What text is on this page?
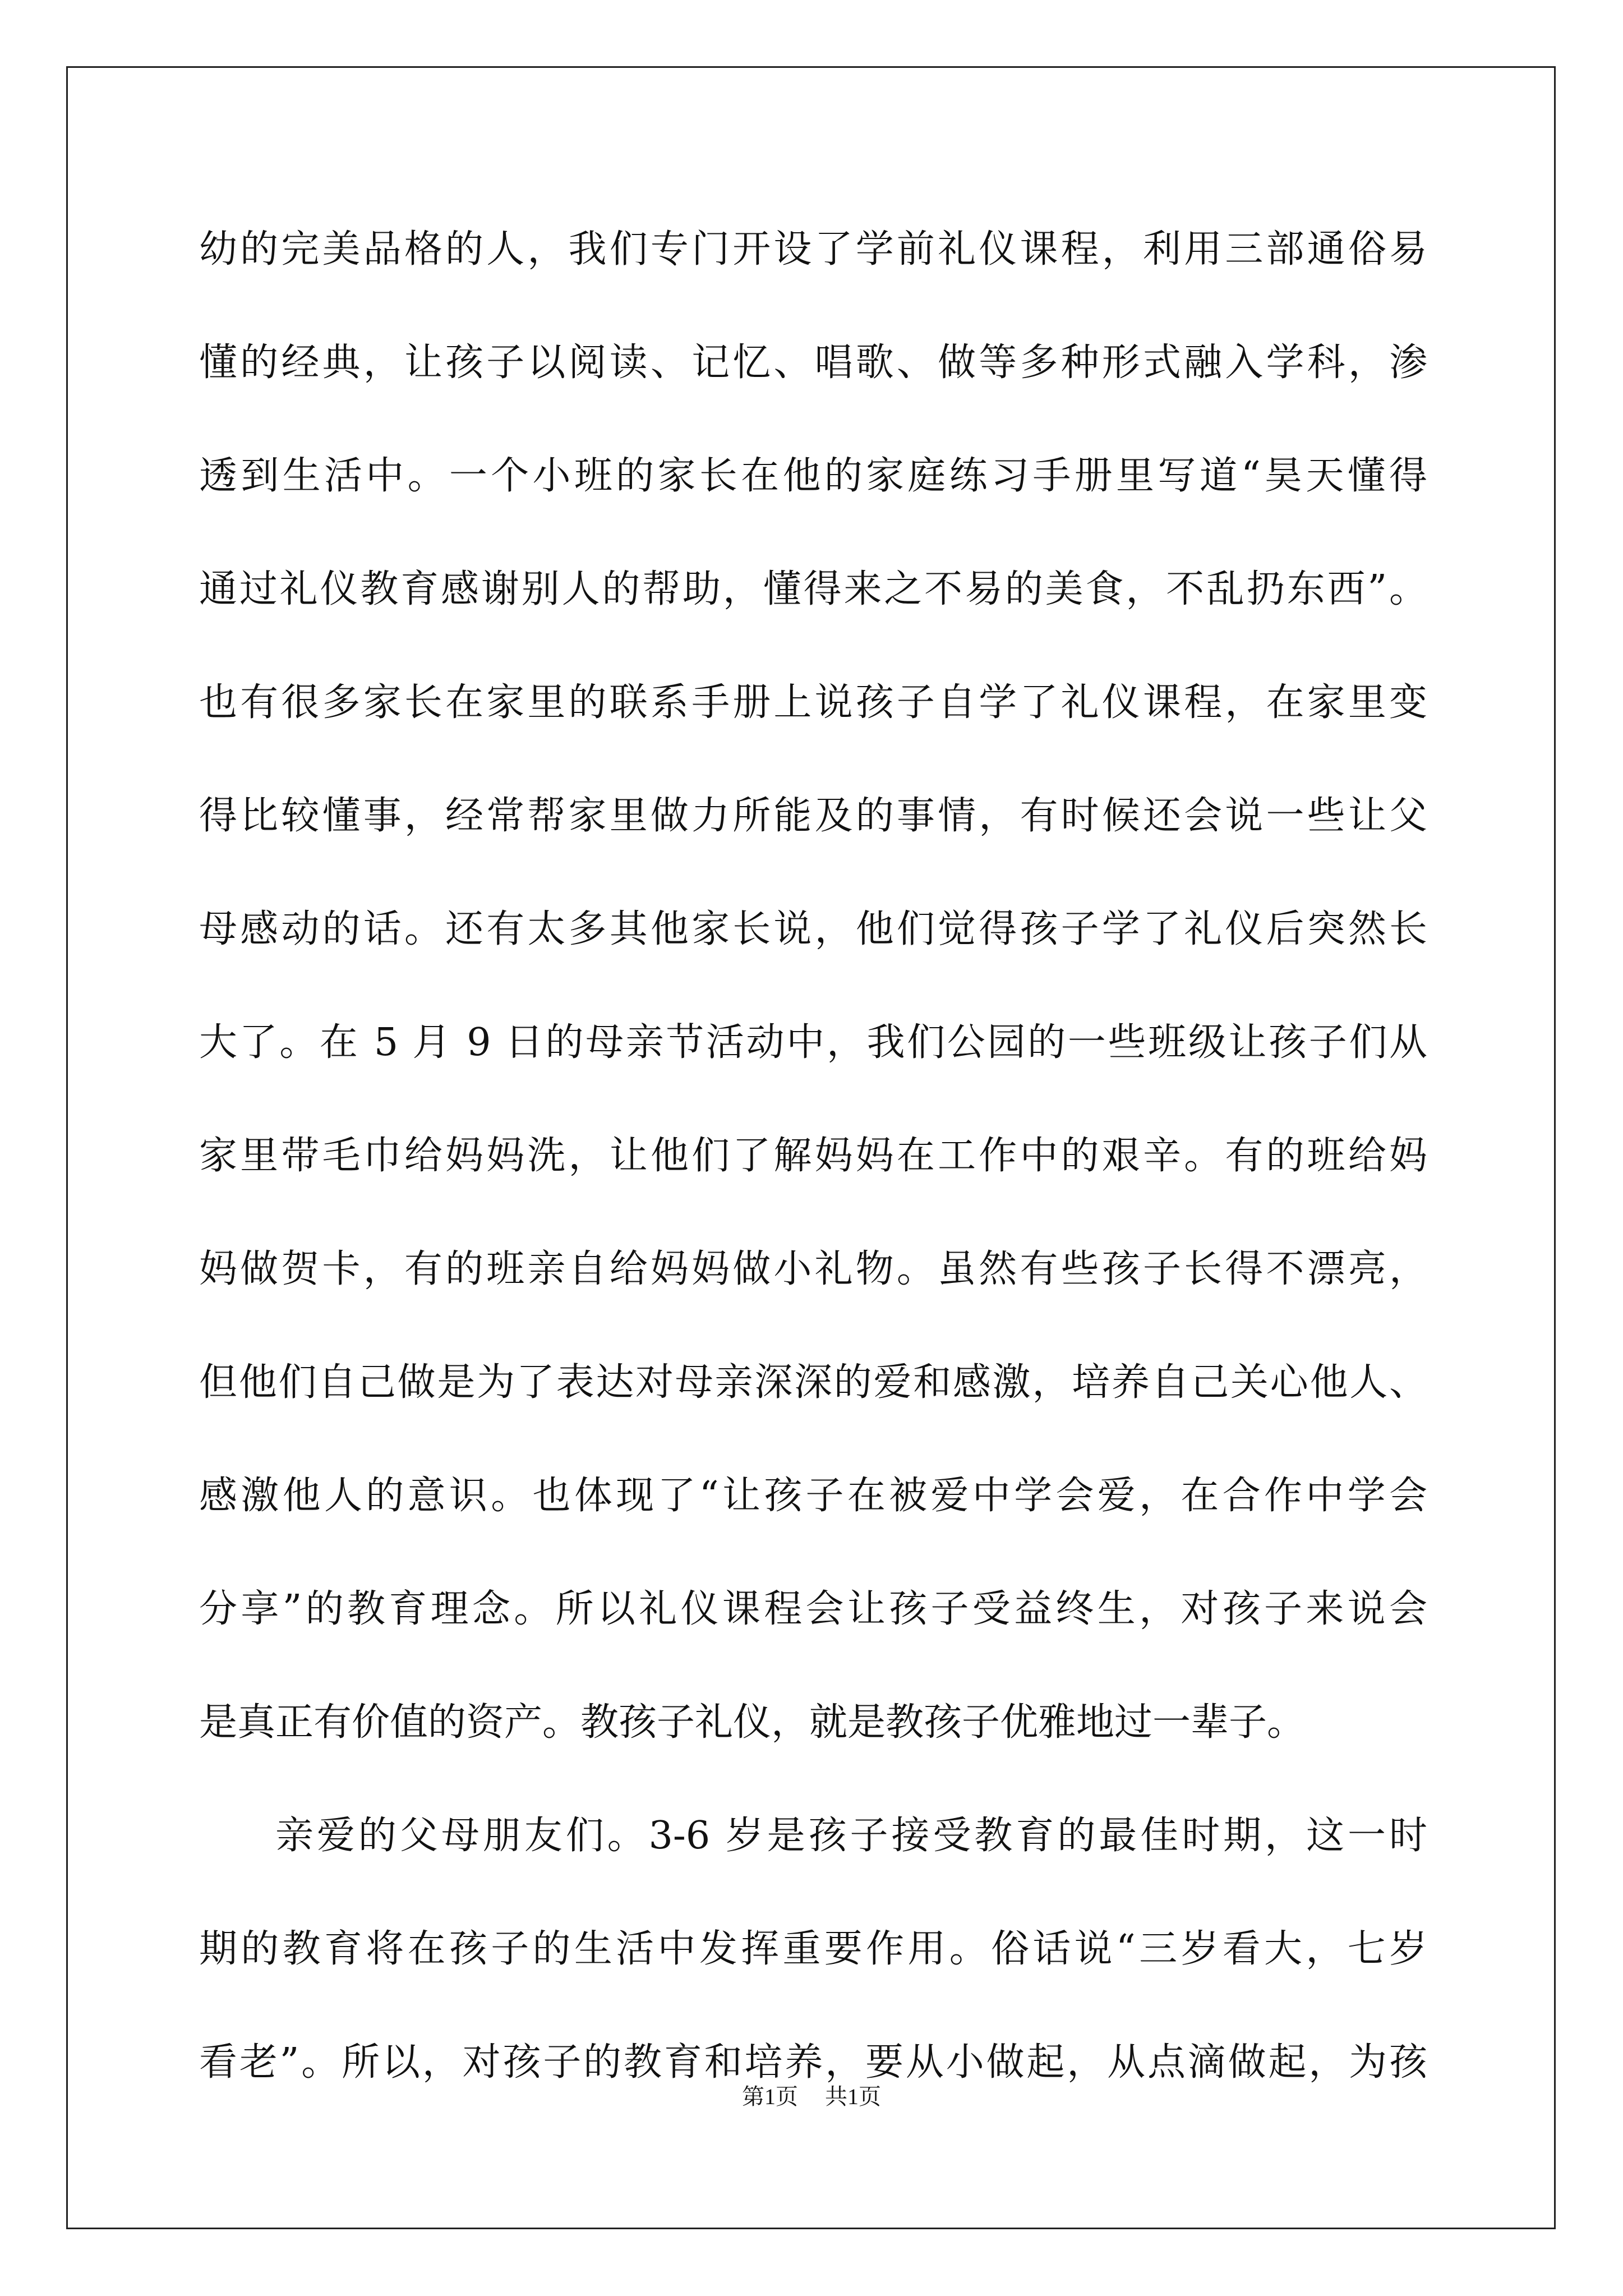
幼的完美品格的人，我们专门开设了学前礼仪课程，利用三部通俗易
懂的经典，让孩子以阅读、记忆、唱歌、做等多种形式融入学科，渗
透到生活中。一个小班的家长在他的家庭练习手册里写道“昊天懂得
通过礼仪教育感谢别人的帮助，懂得来之不易的美食，不乱扔东西”。
也有很多家长在家里的联系手册上说孩子自学了礼仪课程，在家里变
得比较懂事，经常帮家里做力所能及的事情，有时候还会说一些让父
母感动的话。还有太多其他家长说，他们觉得孩子学了礼仪后突然长
大了。在 5 月 9 日的母亲节活动中，我们公园的一些班级让孩子们从
家里带毛巾给妈妈洗，让他们了解妈妈在工作中的艰辛。有的班给妈
妈做贺卡，有的班亲自给妈妈做小礼物。虽然有些孩子长得不漂亮，
但他们自己做是为了表达对母亲深深的爱和感激，培养自己关心他人、
感激他人的意识。也体现了“让孩子在被爱中学会爱，在合作中学会
分享”的教育理念。所以礼仪课程会让孩子受益终生，对孩子来说会
是真正有价值的资产。教孩子礼仪，就是教孩子优雅地过一辈子。
亲爱的父母朋友们。3-6 岁是孩子接受教育的最佳时期，这一时
期的教育将在孩子的生活中发挥重要作用。俗话说“三岁看大，七岁
看老”。所以，对孩子的教育和培养，要从小做起，从点滴做起，为孩
第1页 共1页
